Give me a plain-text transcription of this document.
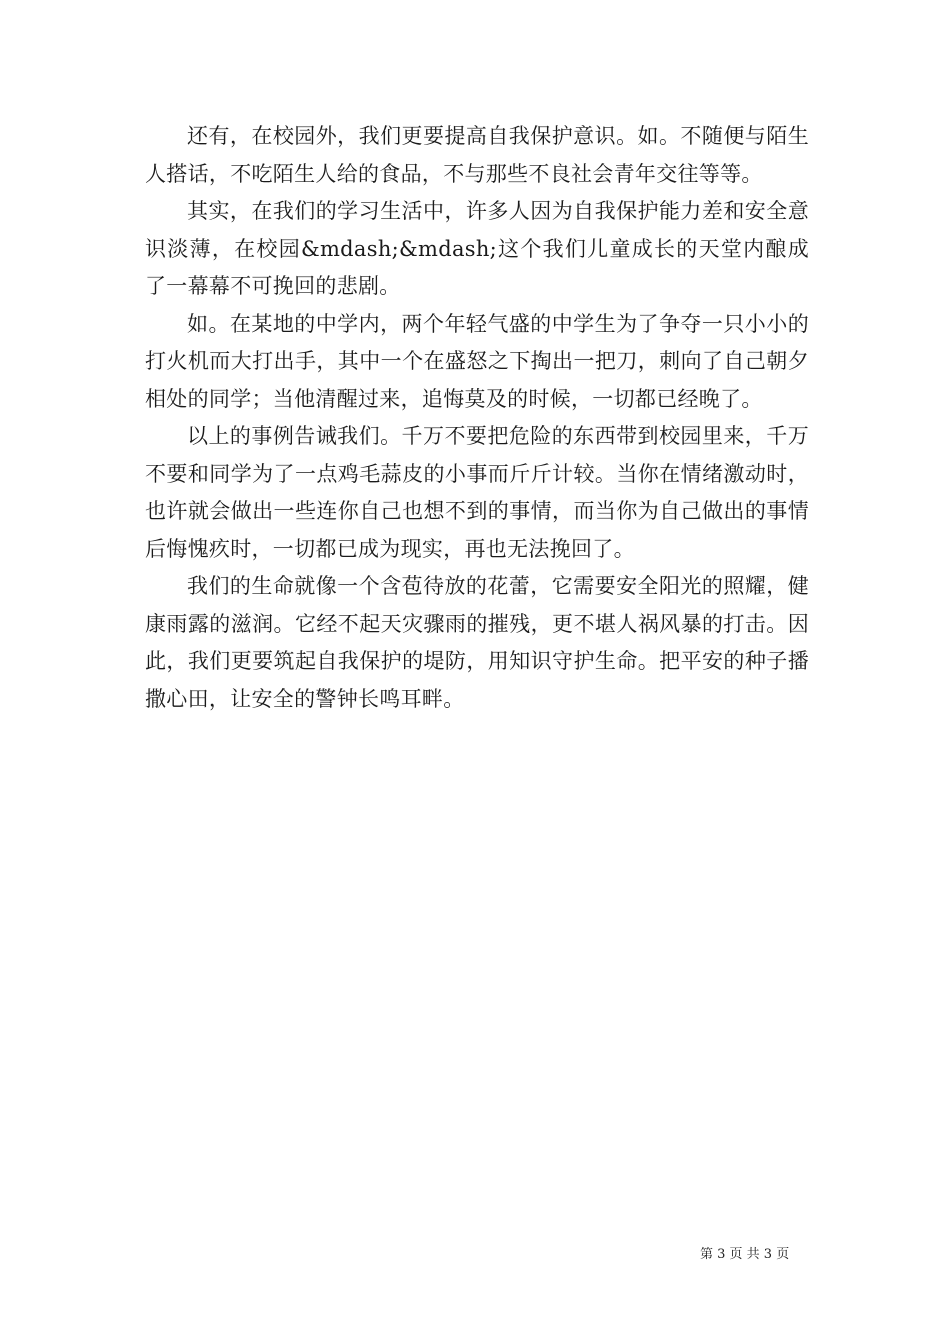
还有，在校园外，我们更要提高自我保护意识。如。不随便与陌生人搭话，不吃陌生人给的食品，不与那些不良社会青年交往等等。

其实，在我们的学习生活中，许多人因为自我保护能力差和安全意识淡薄，在校园&mdash;&mdash;这个我们儿童成长的天堂内酿成了一幕幕不可挽回的悲剧。

如。在某地的中学内，两个年轻气盛的中学生为了争夺一只小小的打火机而大打出手，其中一个在盛怒之下掏出一把刀，刺向了自己朝夕相处的同学；当他清醒过来，追悔莫及的时候，一切都已经晚了。

以上的事例告诫我们。千万不要把危险的东西带到校园里来，千万不要和同学为了一点鸡毛蒜皮的小事而斤斤计较。当你在情绪激动时，也许就会做出一些连你自己也想不到的事情，而当你为自己做出的事情后悔愧疚时，一切都已成为现实，再也无法挽回了。

我们的生命就像一个含苞待放的花蕾，它需要安全阳光的照耀，健康雨露的滋润。它经不起天灾骤雨的摧残，更不堪人祸风暴的打击。因此，我们更要筑起自我保护的堤防，用知识守护生命。把平安的种子播撒心田，让安全的警钟长鸣耳畔。

第 3 页 共 3 页
